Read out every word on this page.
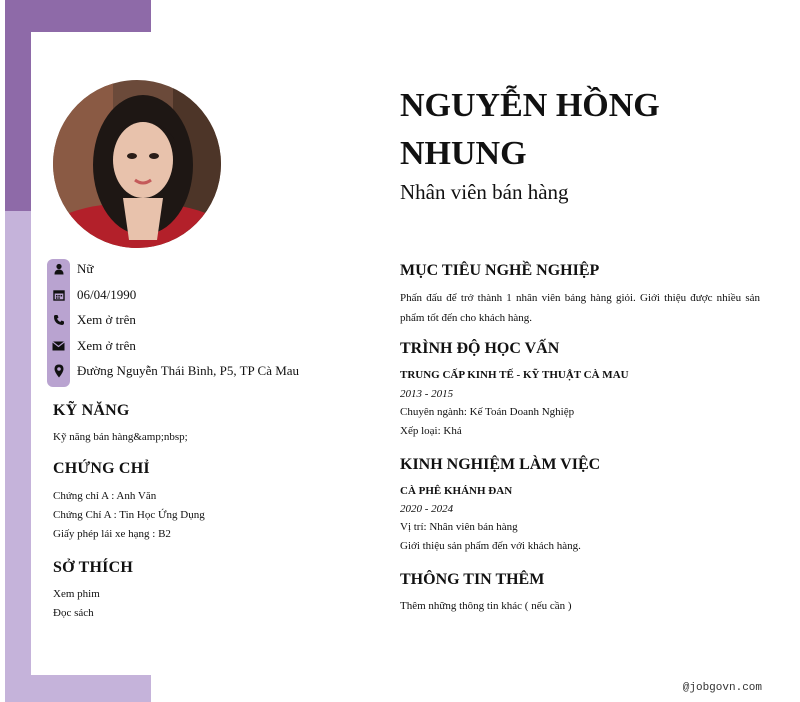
Nữ
06/04/1990
Xem ở trên
Xem ở trên
Đường Nguyễn Thái Bình, P5, TP Cà Mau
KỸ NĂNG
Kỹ năng bán hàng&amp;nbsp;
CHỨNG CHỈ
Chứng chỉ A : Anh Văn
Chứng Chỉ A : Tin Học Ứng Dụng
Giấy phép lái xe hạng : B2
SỞ THÍCH
Xem phim
Đọc sách
NGUYỄN HỒNG NHUNG
Nhân viên bán hàng
MỤC TIÊU NGHỀ NGHIỆP
Phấn đấu để trở thành 1 nhân viên bảng hàng giỏi. Giới thiệu được nhiều sản phẩm tốt đến cho khách hàng.
TRÌNH ĐỘ HỌC VẤN
TRUNG CẤP KINH TẾ - KỸ THUẬT CÀ MAU
2013 - 2015
Chuyên ngành: Kế Toán Doanh Nghiệp
Xếp loại: Khá
KINH NGHIỆM LÀM VIỆC
CÀ PHÊ KHÁNH ĐAN
2020 - 2024
Vị trí: Nhân viên bán hàng
Giới thiệu sản phẩm đến với khách hàng.
THÔNG TIN THÊM
Thêm những thông tin khác ( nếu cần )
@jobgovn.com
